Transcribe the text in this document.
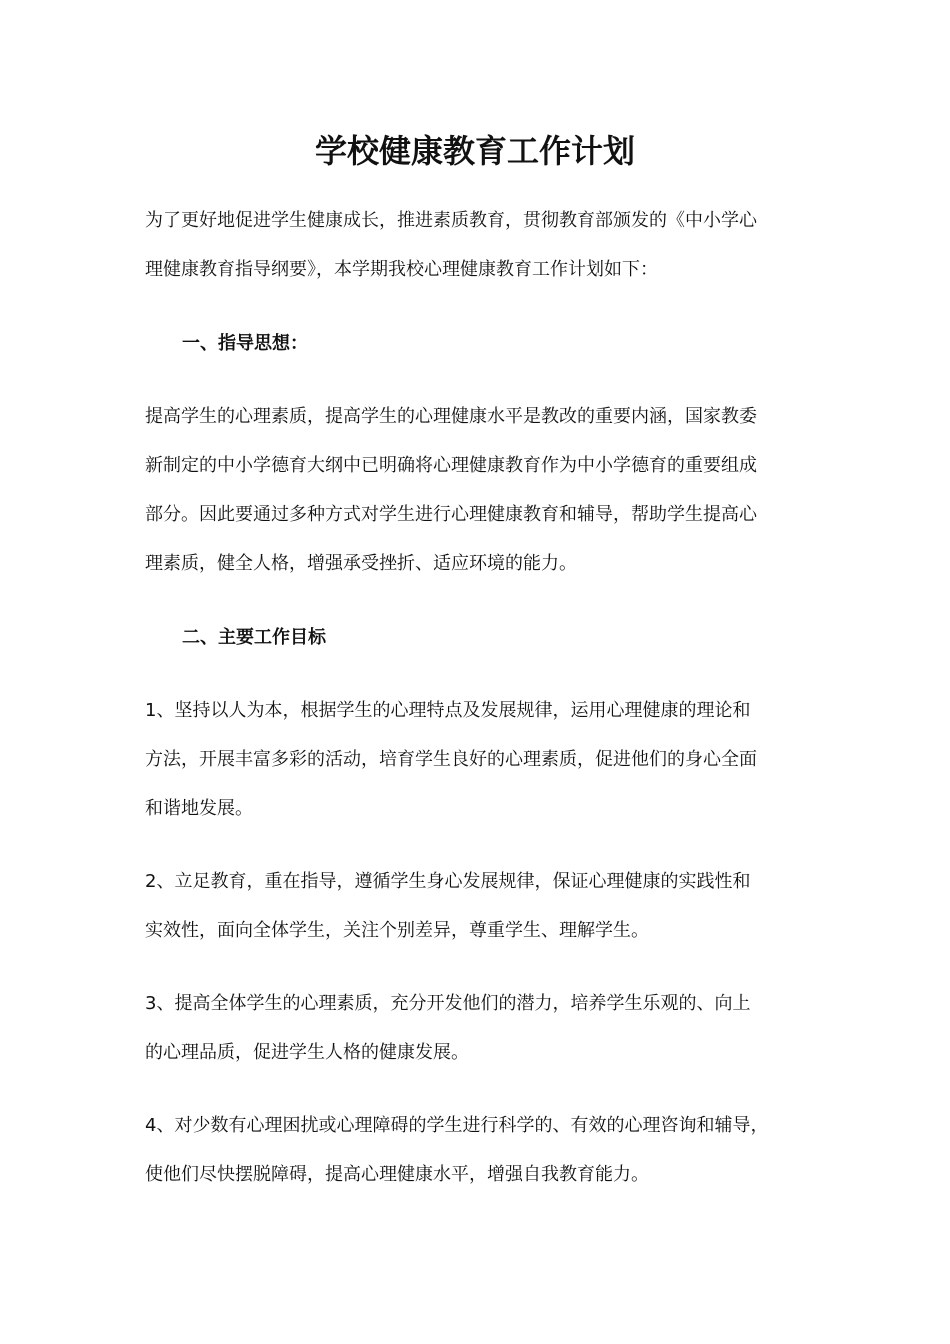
学校健康教育工作计划

为了更好地促进学生健康成长，推进素质教育，贯彻教育部颁发的《中小学心
理健康教育指导纲要》，本学期我校心理健康教育工作计划如下：

一、指导思想：

提高学生的心理素质，提高学生的心理健康水平是教改的重要内涵，国家教委
新制定的中小学德育大纲中已明确将心理健康教育作为中小学德育的重要组成
部分。因此要通过多种方式对学生进行心理健康教育和辅导，帮助学生提高心
理素质，健全人格，增强承受挫折、适应环境的能力。

二、主要工作目标

1、坚持以人为本，根据学生的心理特点及发展规律，运用心理健康的理论和
方法，开展丰富多彩的活动，培育学生良好的心理素质，促进他们的身心全面
和谐地发展。

2、立足教育，重在指导，遵循学生身心发展规律，保证心理健康的实践性和
实效性，面向全体学生，关注个别差异，尊重学生、理解学生。

3、提高全体学生的心理素质，充分开发他们的潜力，培养学生乐观的、向上
的心理品质，促进学生人格的健康发展。

4、对少数有心理困扰或心理障碍的学生进行科学的、有效的心理咨询和辅导，
使他们尽快摆脱障碍，提高心理健康水平，增强自我教育能力。
